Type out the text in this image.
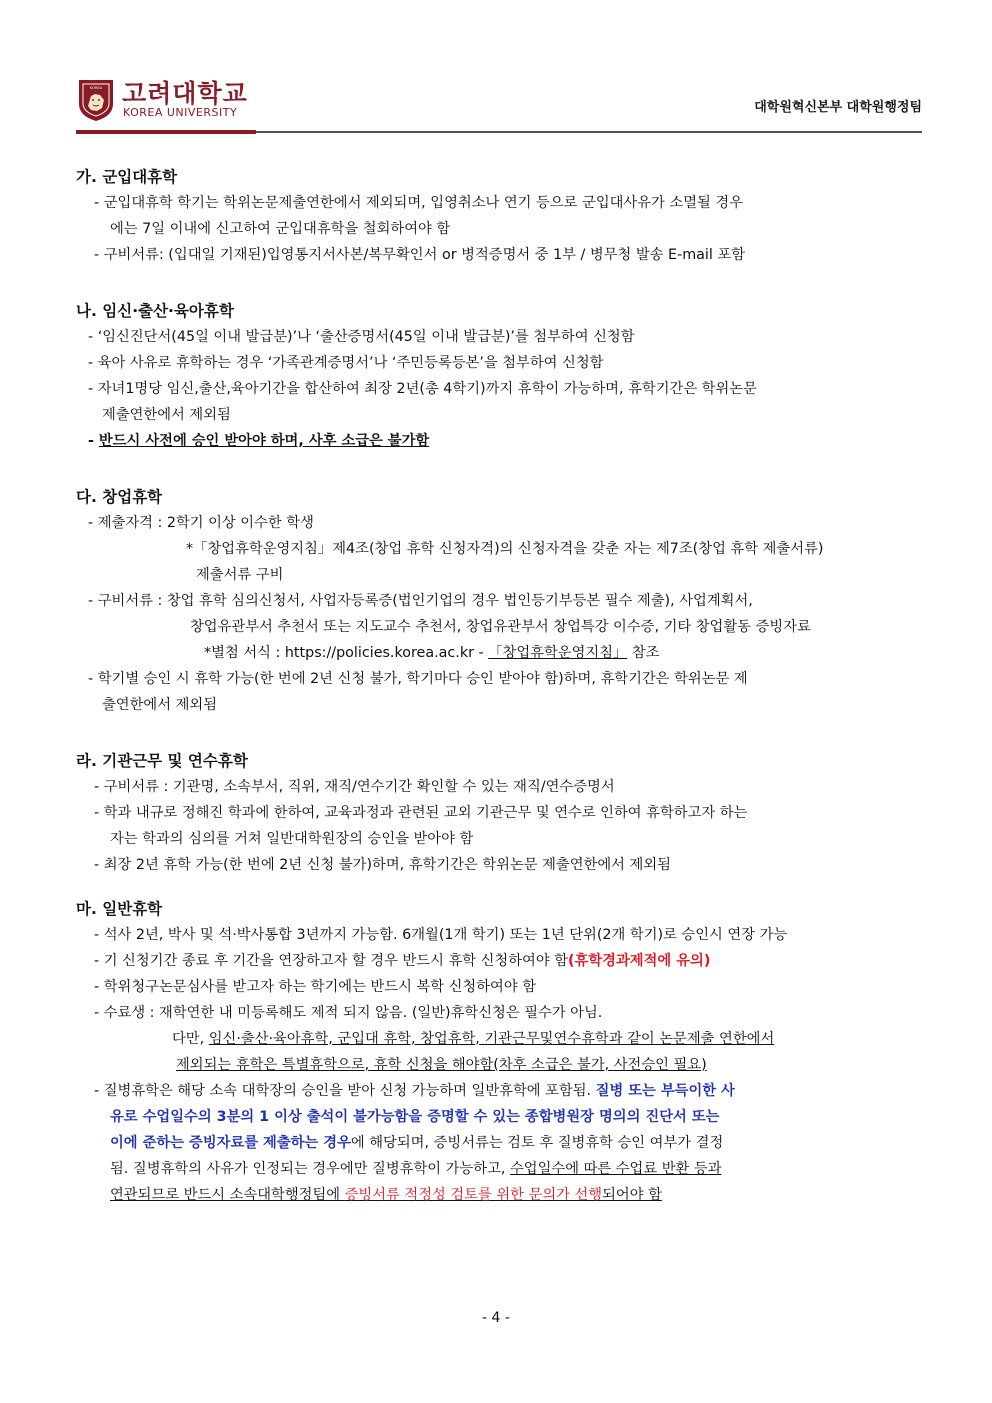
KOREA 고려대학교
KOREA UNIVERSITY	대학원혁신본부 대학원행정팀
가. 군입대휴학
- 군입대휴학 학기는 학위논문제출연한에서 제외되며, 입영취소나 연기 등으로 군입대사유가 소멸될 경우
에는 7일 이내에 신고하여 군입대휴학을 철회하여야 함
- 구비서류: (입대일 기재된)입영통지서사본/복무확인서 or 병적증명서 중 1부 / 병무청 발송 E-mail 포함
나. 임신·출산·육아휴학
- ‘임신진단서(45일 이내 발급분)’나 ‘출산증명서(45일 이내 발급분)’를 첨부하여 신청함
- 육아 사유로 휴학하는 경우 ‘가족관계증명서’나 ‘주민등록등본’을 첨부하여 신청함
- 자녀1명당 임신,출산,육아기간을 합산하여 최장 2년(총 4학기)까지 휴학이 가능하며, 휴학기간은 학위논문
제출연한에서 제외됨
- 반드시 사전에 승인 받아야 하며, 사후 소급은 불가함
다. 창업휴학
- 제출자격 : 2학기 이상 이수한 학생
*「창업휴학운영지침」제4조(창업 휴학 신청자격)의 신청자격을 갖춘 자는 제7조(창업 휴학 제출서류)
제출서류 구비
- 구비서류 : 창업 휴학 심의신청서, 사업자등록증(법인기업의 경우 법인등기부등본 필수 제출), 사업계획서,
창업유관부서 추천서 또는 지도교수 추천서, 창업유관부서 창업특강 이수증, 기타 창업활동 증빙자료
*별첨 서식 : https://policies.korea.ac.kr - 「창업휴학운영지침」 참조
- 학기별 승인 시 휴학 가능(한 번에 2년 신청 불가, 학기마다 승인 받아야 함)하며, 휴학기간은 학위논문 제
출연한에서 제외됨
라. 기관근무 및 연수휴학
- 구비서류 : 기관명, 소속부서, 직위, 재직/연수기간 확인할 수 있는 재직/연수증명서
- 학과 내규로 정해진 학과에 한하여, 교육과정과 관련된 교외 기관근무 및 연수로 인하여 휴학하고자 하는
자는 학과의 심의를 거쳐 일반대학원장의 승인을 받아야 함
- 최장 2년 휴학 가능(한 번에 2년 신청 불가)하며, 휴학기간은 학위논문 제출연한에서 제외됨
마. 일반휴학
- 석사 2년, 박사 및 석·박사통합 3년까지 가능함. 6개월(1개 학기) 또는 1년 단위(2개 학기)로 승인시 연장 가능
- 기 신청기간 종료 후 기간을 연장하고자 할 경우 반드시 휴학 신청하여야 함(휴학경과제적에 유의)
- 학위청구논문심사를 받고자 하는 학기에는 반드시 복학 신청하여야 함
- 수료생 : 재학연한 내 미등록해도 제적 되지 않음. (일반)휴학신청은 필수가 아님.
다만, 임신·출산·육아휴학, 군입대 휴학, 창업휴학, 기관근무및연수휴학과 같이 논문제출 연한에서
제외되는 휴학은 특별휴학으로, 휴학 신청을 해야함(차후 소급은 불가, 사전승인 필요)
- 질병휴학은 해당 소속 대학장의 승인을 받아 신청 가능하며 일반휴학에 포함됨. 질병 또는 부득이한 사
유로 수업일수의 3분의 1 이상 출석이 불가능함을 증명할 수 있는 종합병원장 명의의 진단서 또는
이에 준하는 증빙자료를 제출하는 경우에 해당되며, 증빙서류는 검토 후 질병휴학 승인 여부가 결정
됨. 질병휴학의 사유가 인정되는 경우에만 질병휴학이 가능하고, 수업일수에 따른 수업료 반환 등과
연관되므로 반드시 소속대학행정팀에 증빙서류 적정성 검토를 위한 문의가 선행되어야 함
- 4 -
